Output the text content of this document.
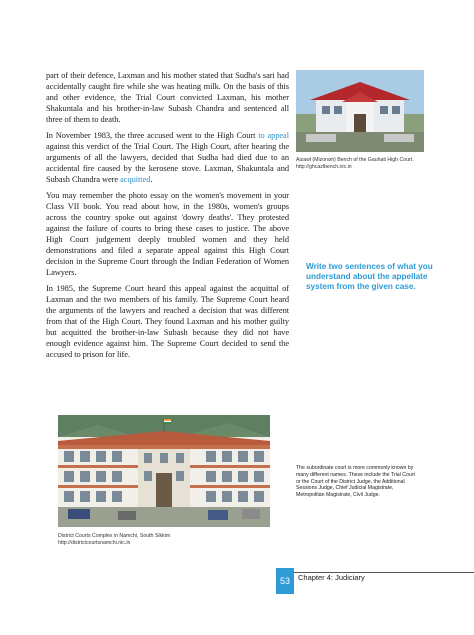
part of their defence, Laxman and his mother stated that Sudha's sari had accidentally caught fire while she was heating milk. On the basis of this and other evidence, the Trial Court convicted Laxman, his mother Shakuntala and his brother-in-law Subash Chandra and sentenced all three of them to death.

In November 1983, the three accused went to the High Court to appeal against this verdict of the Trial Court. The High Court, after hearing the arguments of all the lawyers, decided that Sudha had died due to an accidental fire caused by the kerosene stove. Laxman, Shakuntala and Subash Chandra were acquitted.

You may remember the photo essay on the women's movement in your Class VII book. You read about how, in the 1980s, women's groups across the country spoke out against 'dowry deaths'. They protested against the failure of courts to bring these cases to justice. The above High Court judgement deeply troubled women and they held demonstrations and filed a separate appeal against this High Court decision in the Supreme Court through the Indian Federation of Women Lawyers.

In 1985, the Supreme Court heard this appeal against the acquittal of Laxman and the two members of his family. The Supreme Court heard the arguments of the lawyers and reached a decision that was different from that of the High Court. They found Laxman and his mother guilty but acquitted the brother-in-law Subash because they did not have enough evidence against him. The Supreme Court decided to send the accused to prison for life.

Aizawl (Mizoram) Bench of the Gauhati High Court. http://ghcazlbench.nic.in
Write two sentences of what you understand about the appellate system from the given case.
District Courts Complex in Namchi, South Sikkim http://districtcourtsnamchi.nic.in
The subordinate court is more commonly known by many different names. These include the Trial Court or the Court of the District Judge, the Additional Sessions Judge, Chief Judicial Magistrate, Metropolitan Magistrate, Civil Judge.
53	Chapter 4: Judiciary
